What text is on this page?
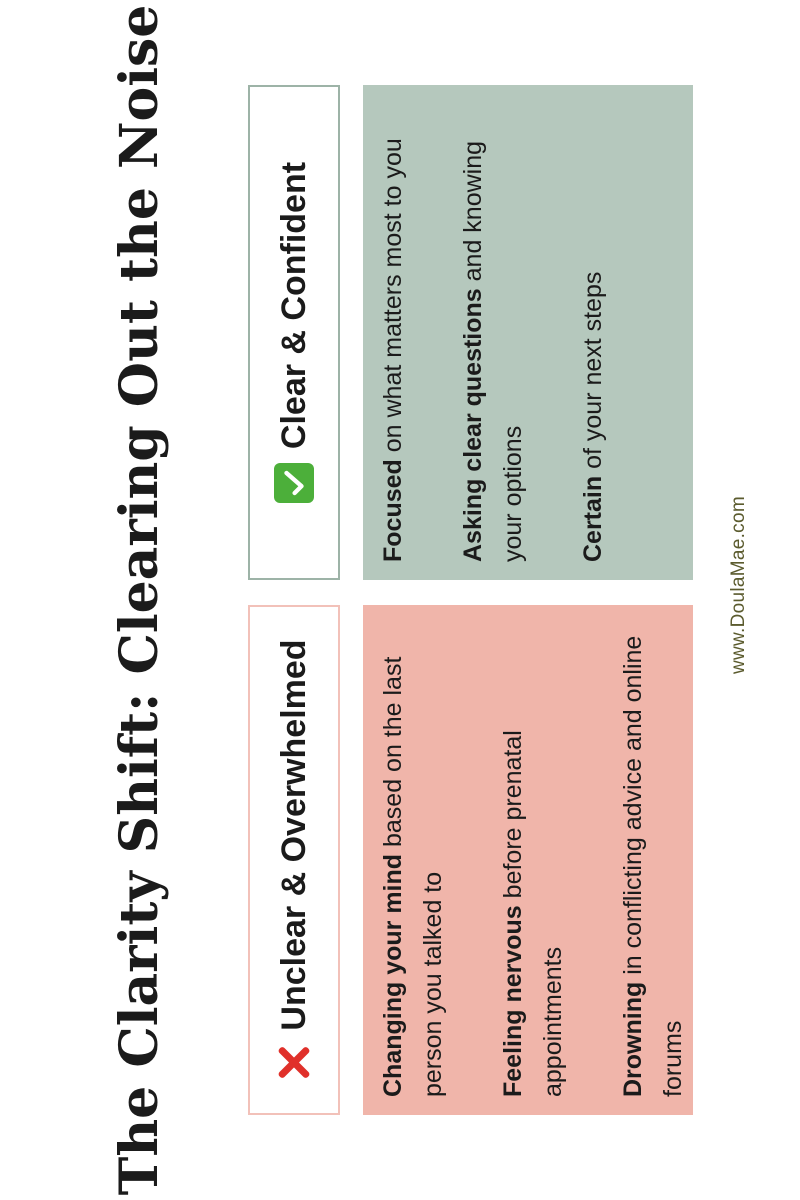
The Clarity Shift: Clearing Out the Noise	Unclear & Overwhelmed
Clear & Confident

Changing your mind based on the last person you talked to Feeling nervous before prenatal appointments Drowning in conflicting advice and online forums

Focused on what matters most to you Asking clear questions and knowing your options Certain of your next steps

www.DoulaMae.com
